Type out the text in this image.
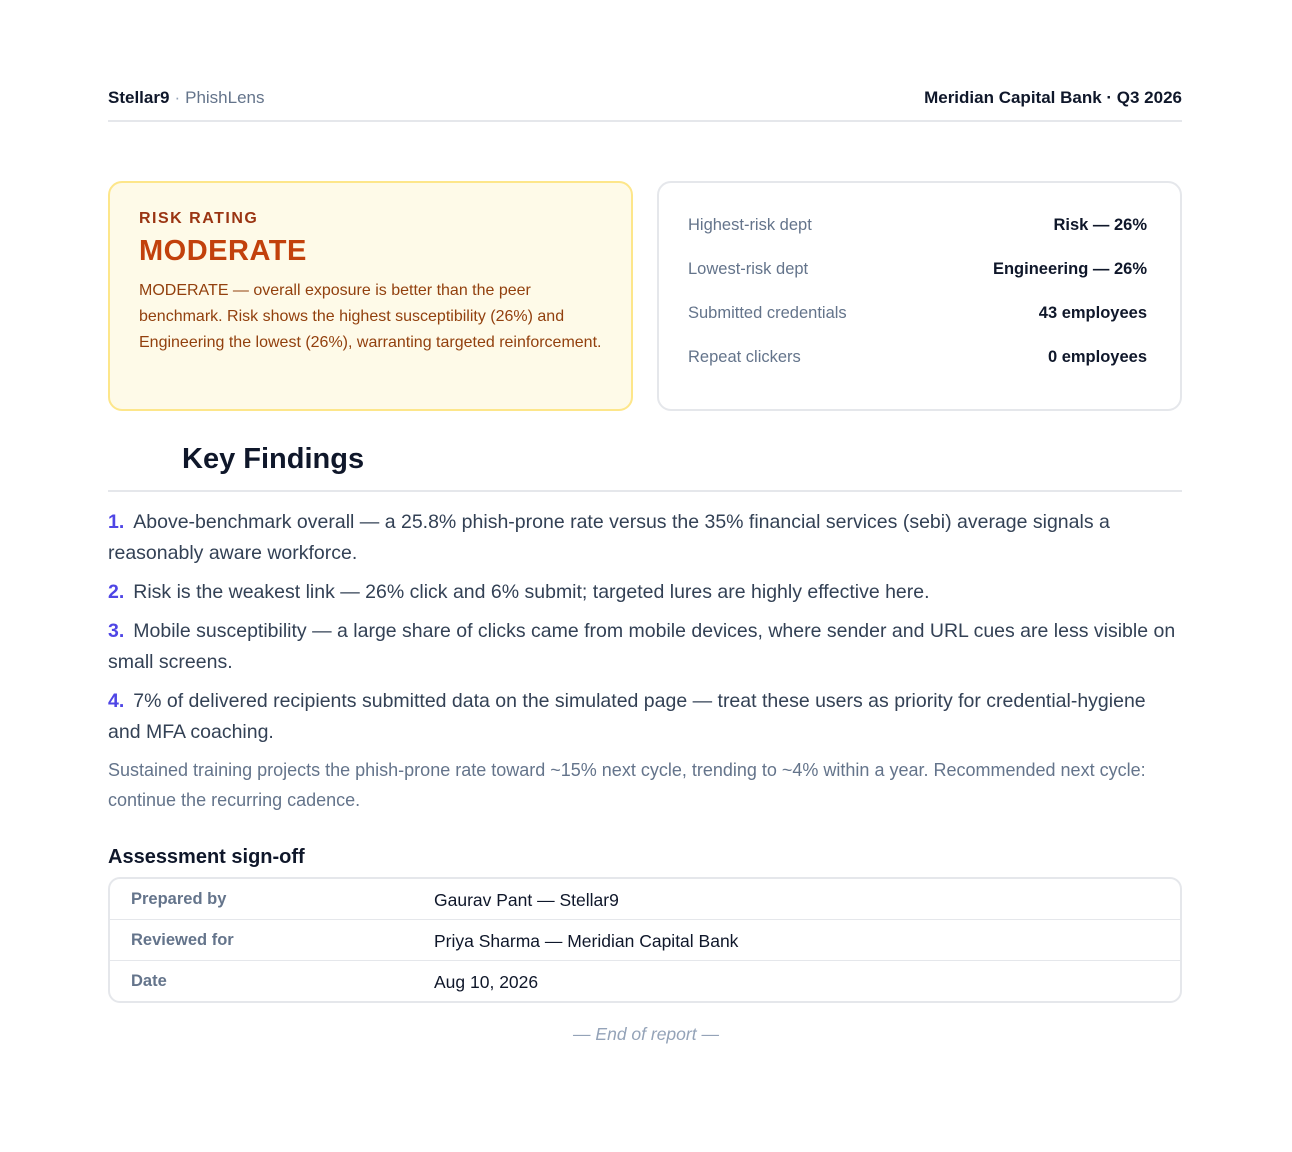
Stellar9 · PhishLens	Meridian Capital Bank · Q3 2026
RISK RATING
MODERATE
MODERATE — overall exposure is better than the peer benchmark. Risk shows the highest susceptibility (26%) and Engineering the lowest (26%), warranting targeted reinforcement.
Highest-risk dept	Risk — 26%
Lowest-risk dept	Engineering — 26%
Submitted credentials	43 employees
Repeat clickers	0 employees
Key Findings
1. Above-benchmark overall — a 25.8% phish-prone rate versus the 35% financial services (sebi) average signals a reasonably aware workforce.
2. Risk is the weakest link — 26% click and 6% submit; targeted lures are highly effective here.
3. Mobile susceptibility — a large share of clicks came from mobile devices, where sender and URL cues are less visible on small screens.
4. 7% of delivered recipients submitted data on the simulated page — treat these users as priority for credential-hygiene and MFA coaching.
Sustained training projects the phish-prone rate toward ~15% next cycle, trending to ~4% within a year. Recommended next cycle: continue the recurring cadence.
Assessment sign-off
Prepared by	Gaurav Pant — Stellar9
Reviewed for	Priya Sharma — Meridian Capital Bank
Date	Aug 10, 2026
— End of report —
